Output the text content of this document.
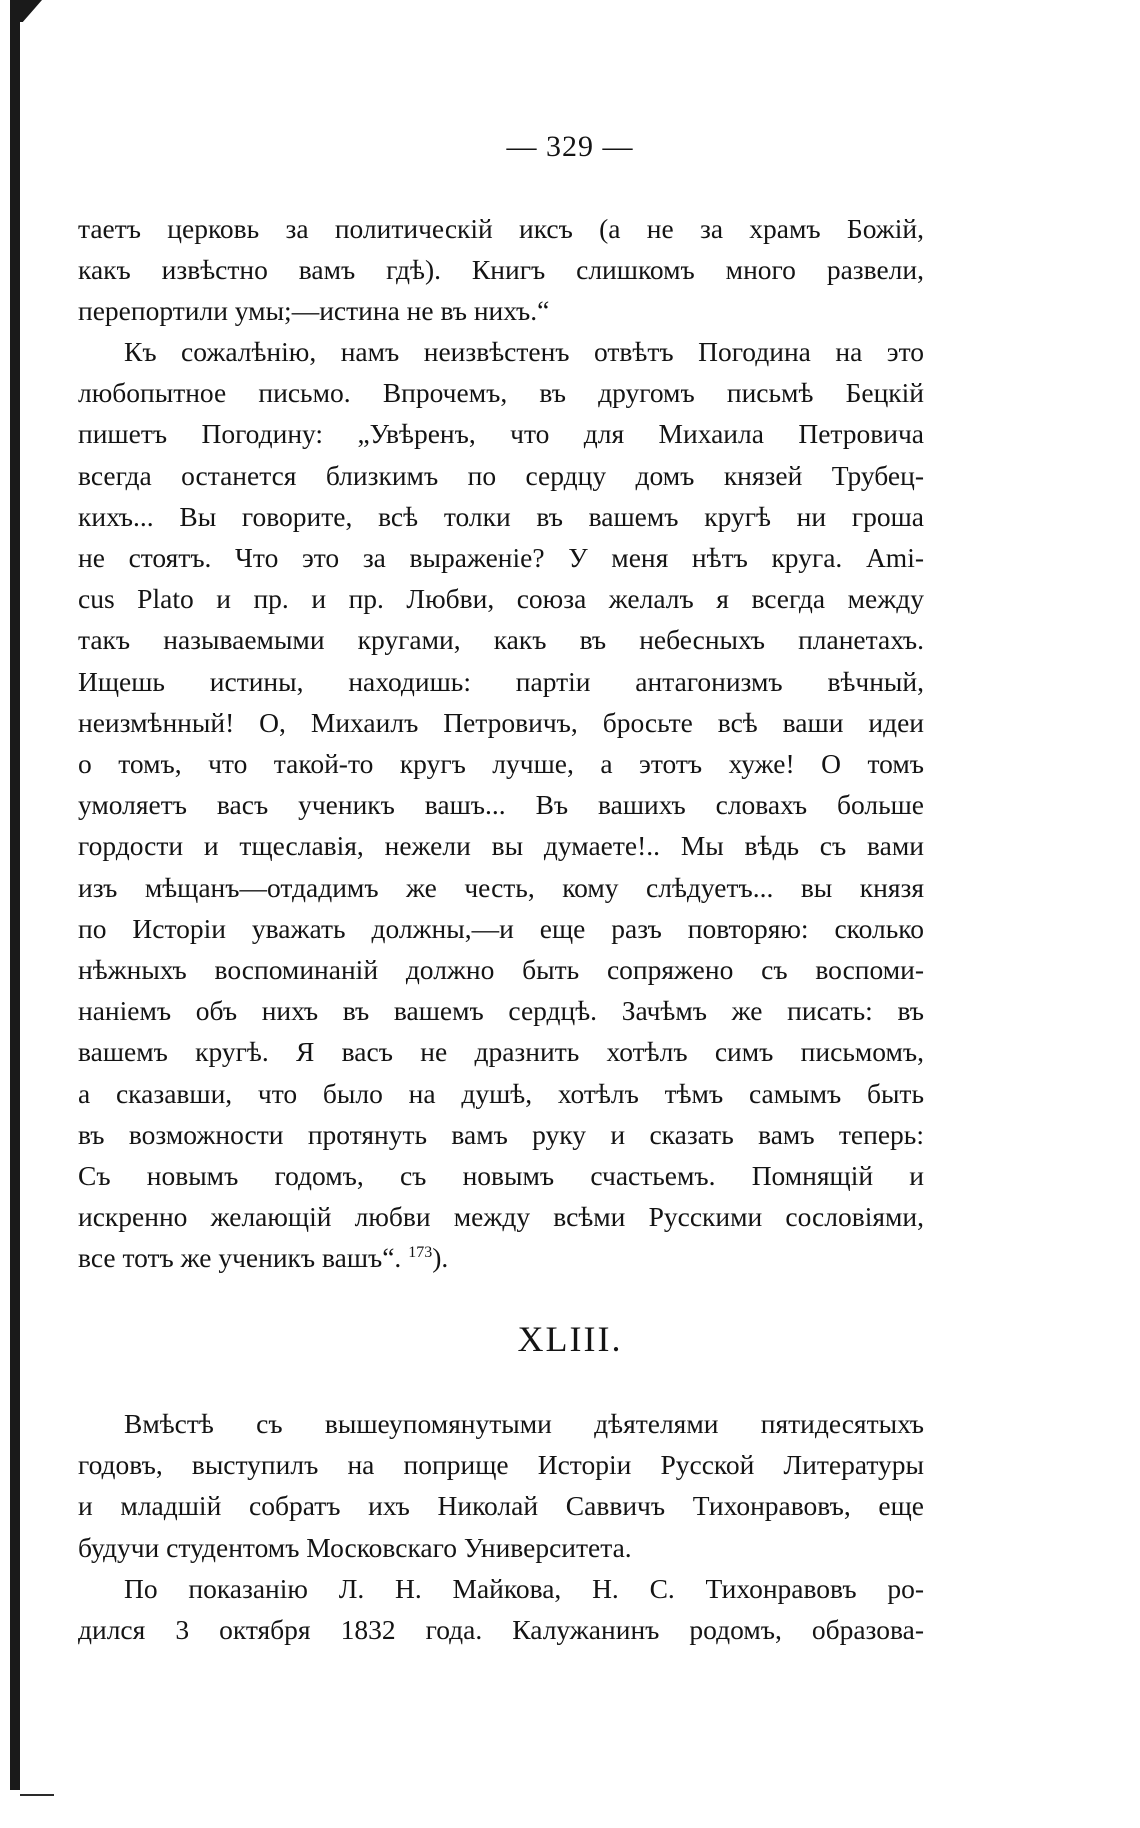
— 329 —
таетъ церковь за политическій иксъ (а не за храмъ Божій,
какъ извѣстно вамъ гдѣ). Книгъ слишкомъ много развели,
перепортили умы;—истина не въ нихъ.“
Къ сожалѣнію, намъ неизвѣстенъ отвѣтъ Погодина на это
любопытное письмо. Впрочемъ, въ другомъ письмѣ Бецкій
пишетъ Погодину: „Увѣренъ, что для Михаила Петровича
всегда останется близкимъ по сердцу домъ князей Трубец-
кихъ... Вы говорите, всѣ толки въ вашемъ кругѣ ни гроша
не стоятъ. Что это за выраженіе? У меня нѣтъ круга. Ami-
cus Plato и пр. и пр. Любви, союза желалъ я всегда между
такъ называемыми кругами, какъ въ небесныхъ планетахъ.
Ищешь истины, находишь: партіи антагонизмъ вѣчный,
неизмѣнный! О, Михаилъ Петровичъ, бросьте всѣ ваши идеи
о томъ, что такой-то кругъ лучше, а этотъ хуже! О томъ
умоляетъ васъ ученикъ вашъ... Въ вашихъ словахъ больше
гордости и тщеславія, нежели вы думаете!.. Мы вѣдь съ вами
изъ мѣщанъ—отдадимъ же честь, кому слѣдуетъ... вы князя
по Исторіи уважать должны,—и еще разъ повторяю: сколько
нѣжныхъ воспоминаній должно быть сопряжено съ воспоми-
наніемъ объ нихъ въ вашемъ сердцѣ. Зачѣмъ же писать: въ
вашемъ кругѣ. Я васъ не дразнить хотѣлъ симъ письмомъ,
а сказавши, что было на душѣ, хотѣлъ тѣмъ самымъ быть
въ возможности протянуть вамъ руку и сказать вамъ теперь:
Съ новымъ годомъ, съ новымъ счастьемъ. Помнящій и
искренно желающій любви между всѣми Русскими сословіями,
все тотъ же ученикъ вашъ“. $^{173}$).
XLIII.
Вмѣстѣ съ вышеупомянутыми дѣятелями пятидесятыхъ
годовъ, выступилъ на поприще Исторіи Русской Литературы
и младшій собратъ ихъ Николай Саввичъ Тихонравовъ, еще
будучи студентомъ Московскаго Университета.
По показанію Л. Н. Майкова, Н. С. Тихонравовъ ро-
дился 3 октября 1832 года. Калужанинъ родомъ, образова-
